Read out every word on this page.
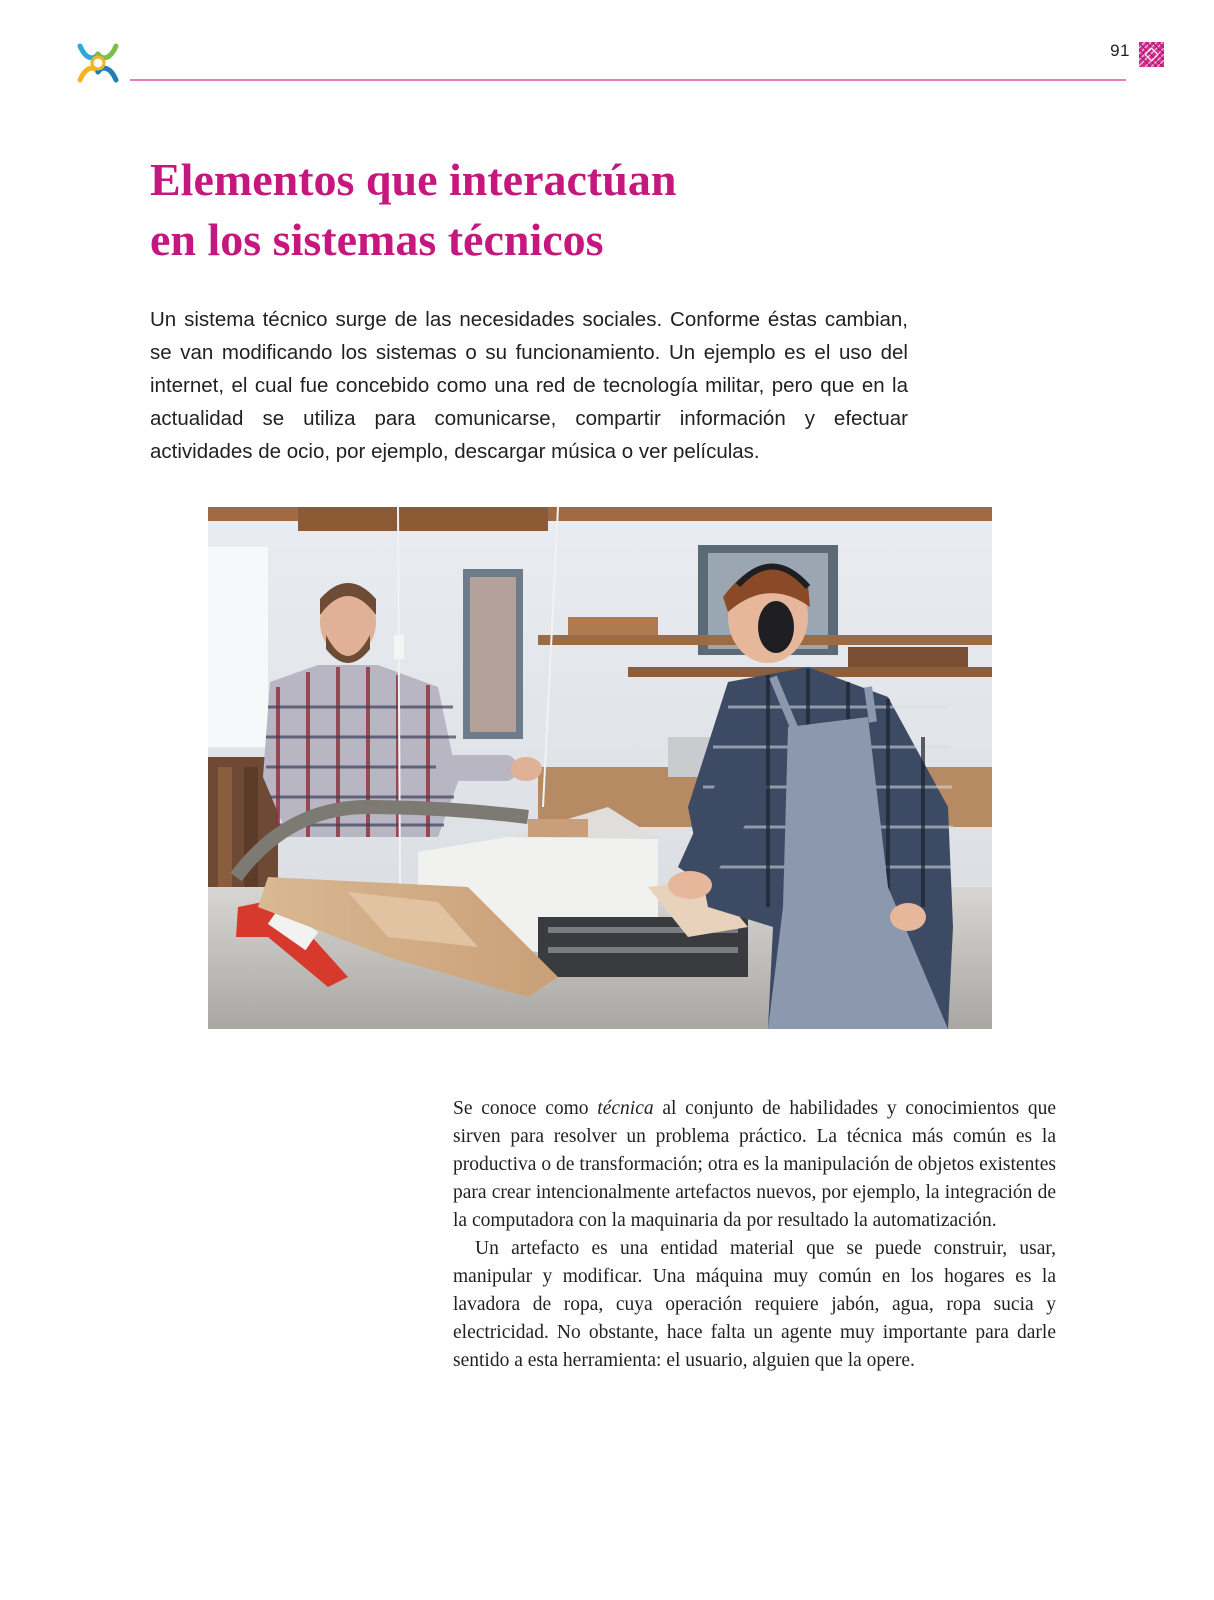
91
Elementos que interactúan
en los sistemas técnicos

Un sistema técnico surge de las necesidades sociales. Conforme éstas cambian, se van modificando los sistemas o su funcionamiento. Un ejemplo es el uso del internet, el cual fue concebido como una red de tecnología militar, pero que en la actualidad se utiliza para comunicarse, compartir información y efectuar actividades de ocio, por ejemplo, descargar música o ver películas.

Se conoce como técnica al conjunto de habilidades y conocimientos que sirven para resolver un problema práctico. La técnica más común es la productiva o de transformación; otra es la manipulación de objetos existentes para crear intencionalmente artefactos nuevos, por ejemplo, la integración de la computadora con la maquinaria da por resultado la automatización.

Un artefacto es una entidad material que se puede construir, usar, manipular y modificar. Una máquina muy común en los hogares es la lavadora de ropa, cuya operación requiere jabón, agua, ropa sucia y electricidad. No obstante, hace falta un agente muy importante para darle sentido a esta herramienta: el usuario, alguien que la opere.
